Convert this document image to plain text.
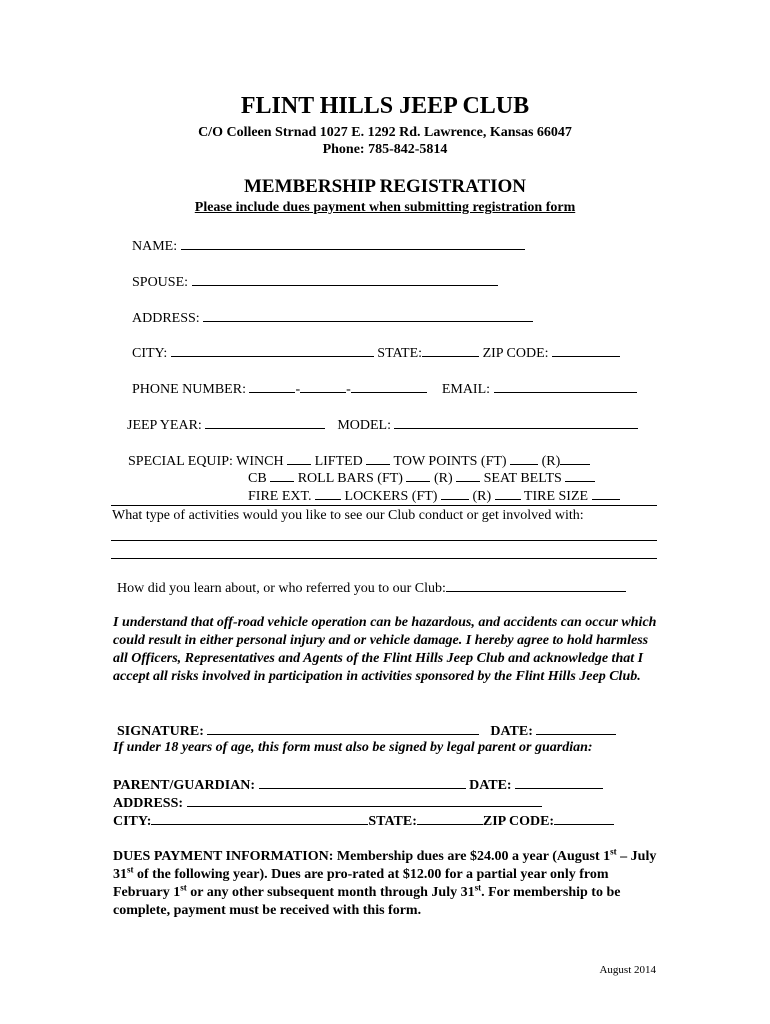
FLINT HILLS JEEP CLUB
C/O Colleen Strnad 1027 E. 1292 Rd. Lawrence, Kansas 66047
Phone: 785-842-5814
MEMBERSHIP REGISTRATION
Please include dues payment when submitting registration form
NAME:
SPOUSE:
ADDRESS:
CITY:	STATE:	ZIP CODE:
PHONE NUMBER:	-	-	EMAIL:
JEEP YEAR:	MODEL:
SPECIAL EQUIP: WINCH LIFTED TOW POINTS (FT)	(R)
CB ROLL BARS (FT) (R) SEAT BELTS
FIRE EXT. LOCKERS (FT)	(R) TIRE SIZE
What type of activities would you like to see our Club conduct or get involved with:
How did you learn about, or who referred you to our Club:
I understand that off-road vehicle operation can be hazardous, and accidents can occur which could result in either personal injury and or vehicle damage. I hereby agree to hold harmless all Officers, Representatives and Agents of the Flint Hills Jeep Club and acknowledge that I accept all risks involved in participation in activities sponsored by the Flint Hills Jeep Club.
SIGNATURE:	DATE:
If under 18 years of age, this form must also be signed by legal parent or guardian:
PARENT/GUARDIAN:	DATE:
ADDRESS:
CITY:	STATE:	ZIP CODE:
DUES PAYMENT INFORMATION: Membership dues are $24.00 a year (August 1st – July 31st of the following year). Dues are pro-rated at $12.00 for a partial year only from February 1st or any other subsequent month through July 31st. For membership to be complete, payment must be received with this form.
August 2014
